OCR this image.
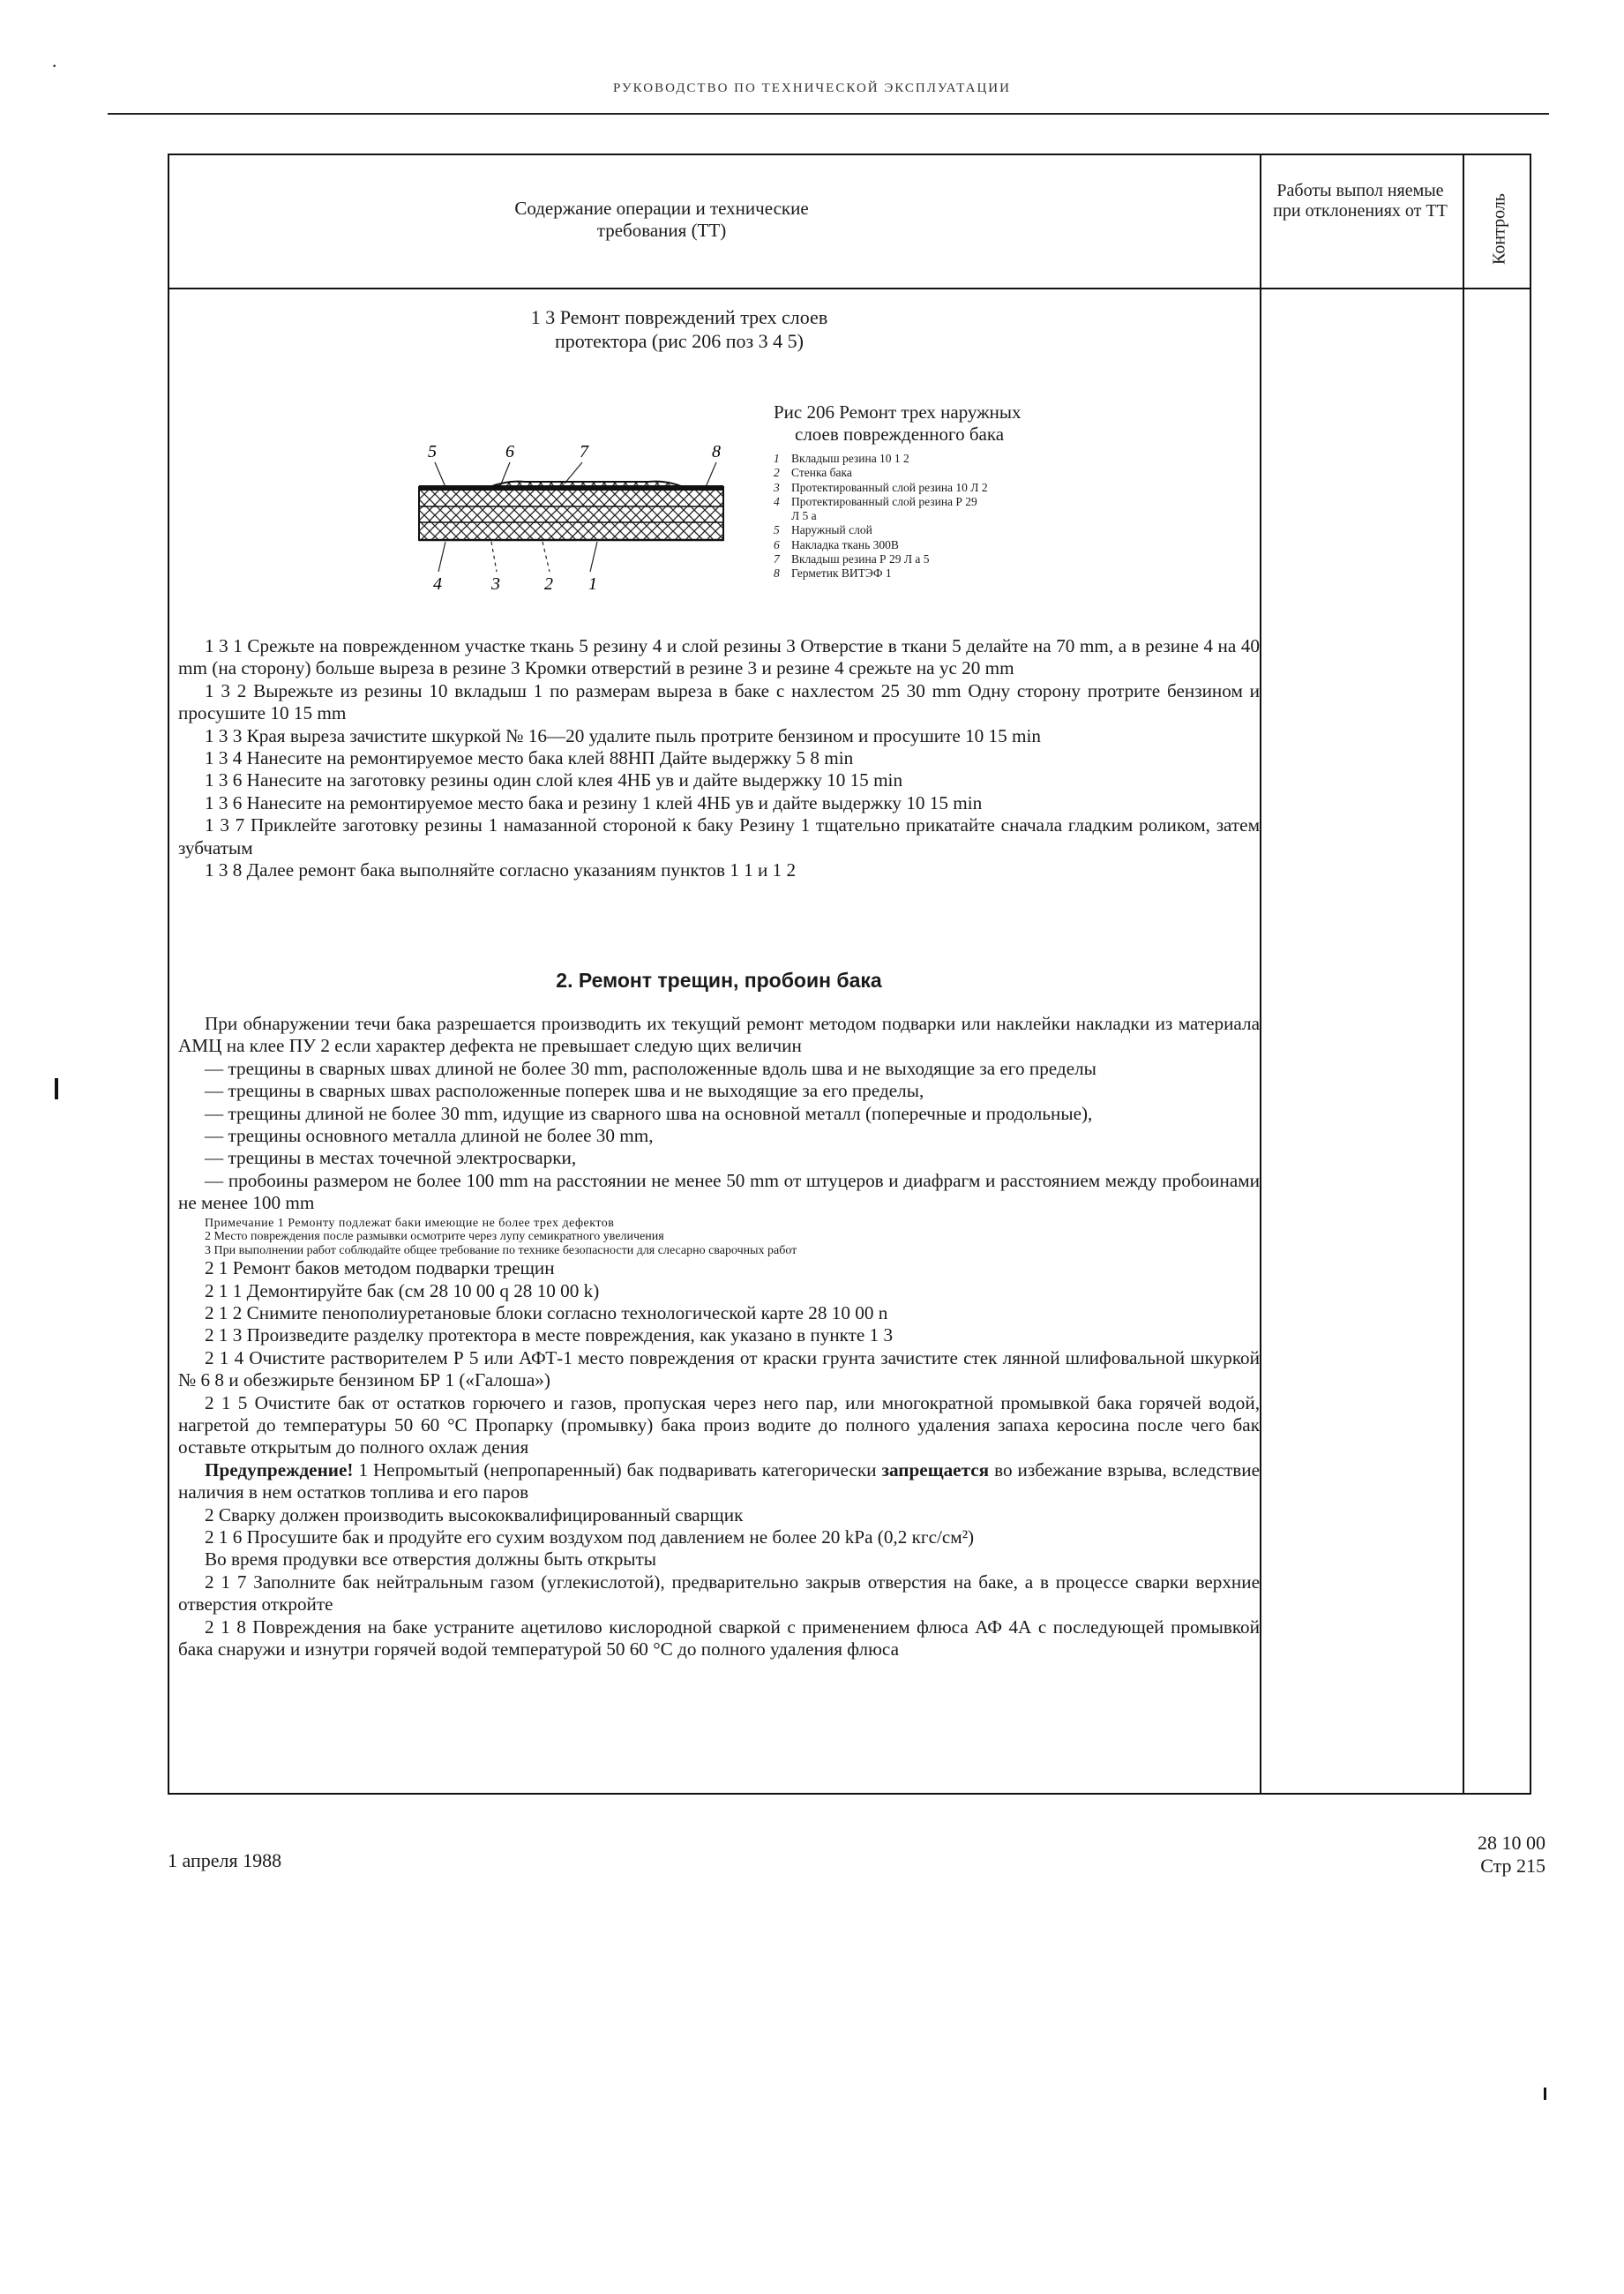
РУКОВОДСТВО ПО ТЕХНИЧЕСКОЙ ЭКСПЛУАТАЦИИ
Содержание операции и технические требования (ТТ)
Работы выпол няемые при отклонениях от ТТ	Контроль
1 3 Ремонт повреждений трех слоев
протектора (рис 206 поз 3 4 5)
5	6	7	8
4	3	2 1
Рис 206 Ремонт трех наружных
слоев поврежденного бака
1 Вкладыш резина 10 1 2
2 Стенка бака
3 Протектированный слой резина 10 Л 2
4 Протектированный слой резина Р 29
Л 5 а
5 Наружный слой
6 Накладка ткань 300В
7 Вкладыш резина Р 29 Л а 5
8 Герметик ВИТЭФ 1

1 3 1 Срежьте на поврежденном участке ткань 5 резину 4 и слой резины 3 Отверстие в ткани 5 делайте на 70 mm, а в резине 4 на 40 mm (на сторону) больше выреза в резине 3 Кромки отверстий в резине 3 и резине 4 срежьте на ус 20 mm

1 3 2 Вырежьте из резины 10 вкладыш 1 по размерам выреза в баке с нахлестом 25 30 mm Одну сторону протрите бензином и просушите 10 15 mm

1 3 3 Края выреза зачистите шкуркой № 16—20 удалите пыль протрите бензином и просушите 10 15 min

1 3 4 Нанесите на ремонтируемое место бака клей 88НП Дайте выдержку 5 8 min

1 3 6 Нанесите на заготовку резины один слой клея 4НБ ув и дайте выдержку 10 15 min

1 3 6 Нанесите на ремонтируемое место бака и резину 1 клей 4НБ ув и дайте выдержку 10 15 min

1 3 7 Приклейте заготовку резины 1 намазанной стороной к баку Резину 1 тщательно прикатайте сначала гладким роликом, затем зубчатым

1 3 8 Далее ремонт бака выполняйте согласно указаниям пунктов 1 1 и 1 2

2. Ремонт трещин, пробоин бака

При обнаружении течи бака разрешается производить их текущий ремонт методом подварки или наклейки накладки из материала АМЦ на клее ПУ 2 если характер дефекта не превышает следую щих величин

— трещины в сварных швах длиной не более 30 mm, расположенные вдоль шва и не выходящие за его пределы

— трещины в сварных швах расположенные поперек шва и не выходящие за его пределы,

— трещины длиной не более 30 mm, идущие из сварного шва на основной металл (поперечные и продольные),

— трещины основного металла длиной не более 30 mm,

— трещины в местах точечной электросварки,

— пробоины размером не более 100 mm на расстоянии не менее 50 mm от штуцеров и диафрагм и расстоянием между пробоинами не менее 100 mm

Примечание 1 Ремонту подлежат баки имеющие не более трех дефектов
2 Место повреждения после размывки осмотрите через лупу семикратного увеличения
3 При выполнении работ соблюдайте общее требование по технике безопасности для слесарно сварочных работ

2 1 Ремонт баков методом подварки трещин

2 1 1 Демонтируйте бак (см 28 10 00 q 28 10 00 k)

2 1 2 Снимите пенополиуретановые блоки согласно технологической карте 28 10 00 n

2 1 3 Произведите разделку протектора в месте повреждения, как указано в пункте 1 3

2 1 4 Очистите растворителем Р 5 или АФТ-1 место повреждения от краски грунта зачистите стек лянной шлифовальной шкуркой № 6 8 и обезжирьте бензином БР 1 («Галоша»)

2 1 5 Очистите бак от остатков горючего и газов, пропуская через него пар, или многократной промывкой бака горячей водой, нагретой до температуры 50 60 °С Пропарку (промывку) бака произ водите до полного удаления запаха керосина после чего бак оставьте открытым до полного охлаж дения

Предупреждение! 1 Непромытый (непропаренный) бак подваривать категорически запрещается во избежание взрыва, вследствие наличия в нем остатков топлива и его паров

2 Сварку должен производить высококвалифицированный сварщик

2 1 6 Просушите бак и продуйте его сухим воздухом под давлением не более 20 kPa (0,2 кгс/см²)

Во время продувки все отверстия должны быть открыты

2 1 7 Заполните бак нейтральным газом (углекислотой), предварительно закрыв отверстия на баке, а в процессе сварки верхние отверстия откройте

2 1 8 Повреждения на баке устраните ацетилово кислородной сваркой с применением флюса АФ 4А с последующей промывкой бака снаружи и изнутри горячей водой температурой 50 60 °С до полного удаления флюса

1 апреля 1988
28 10 00
Стр 215
·
